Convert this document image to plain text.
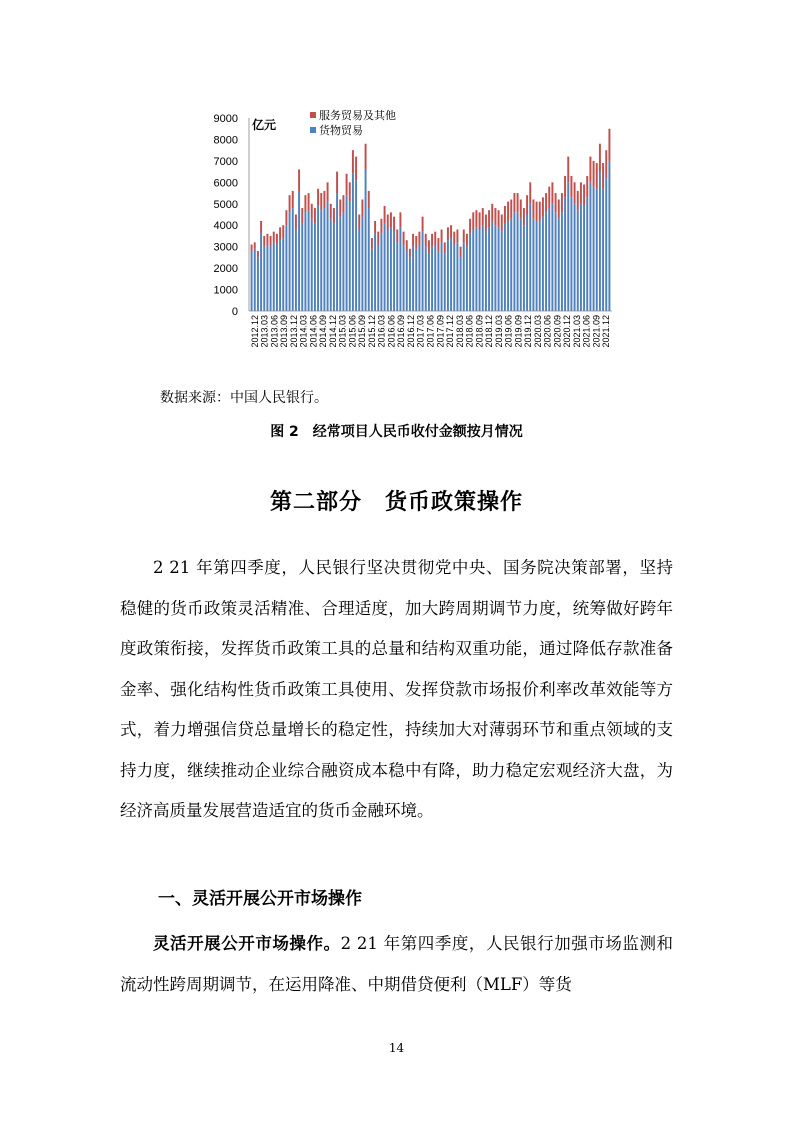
0
1000
2000
3000
4000
5000
6000
7000
8000
9000
2012.12 2013.03 2013.06 2013.09 2013.12 2014.03 2014.06 2014.09 2014.12 2015.03 2015.06 2015.09 2015.12 2016.03 2016.06 2016.09 2016.12 2017.03 2017.06 2017.09 2017.12 2018.03 2018.06 2018.09 2018.12 2019.03 2019.06 2019.09 2019.12 2020.03 2020.06 2020.09 2020.12 2021.03 2021.06 2021.09 2021.12
亿元
服务贸易及其他
货物贸易
数据来源：中国人民银行。
图 2　经常项目人民币收付金额按月情况
第二部分　货币政策操作

2 21 年第四季度，人民银行坚决贯彻党中央、国务院决策部署，坚持稳健的货币政策灵活精准、合理适度，加大跨周期调节力度，统筹做好跨年度政策衔接，发挥货币政策工具的总量和结构双重功能，通过降低存款准备金率、强化结构性货币政策工具使用、发挥贷款市场报价利率改革效能等方式，着力增强信贷总量增长的稳定性，持续加大对薄弱环节和重点领域的支持力度，继续推动企业综合融资成本稳中有降，助力稳定宏观经济大盘，为经济高质量发展营造适宜的货币金融环境。

一、灵活开展公开市场操作

灵活开展公开市场操作。2 21 年第四季度，人民银行加强市场监测和流动性跨周期调节，在运用降准、中期借贷便利（MLF）等货

14
